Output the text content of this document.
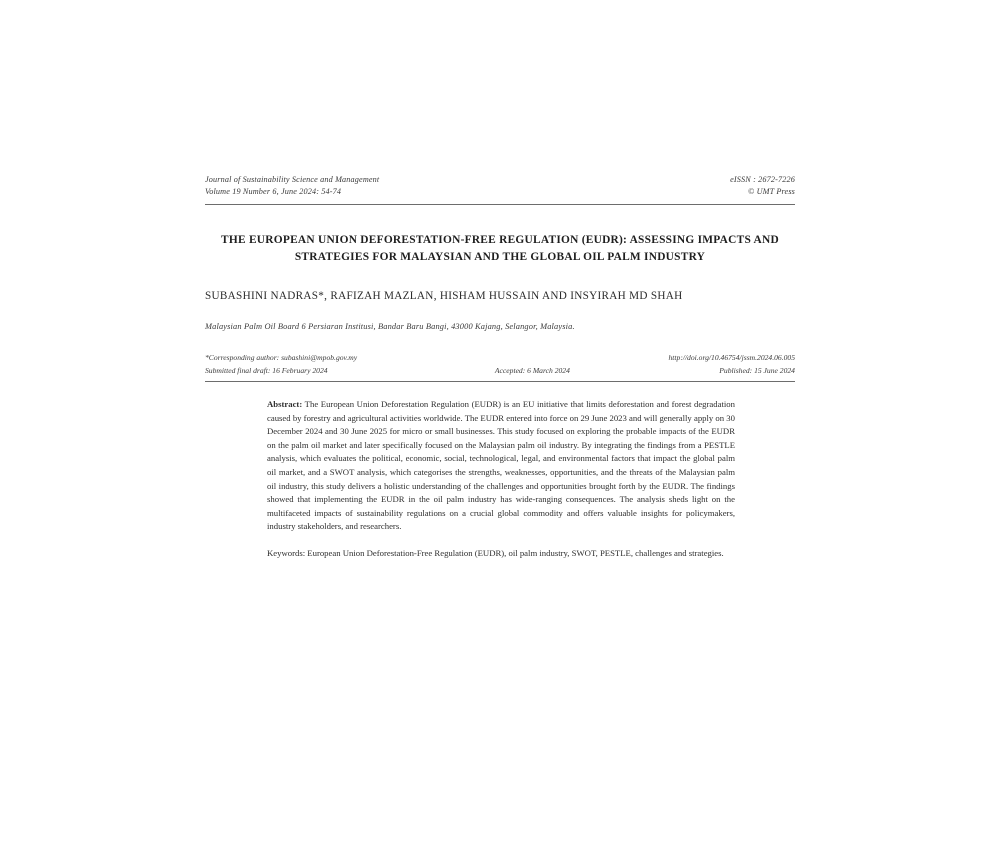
Journal of Sustainability Science and Management	eISSN : 2672-7226
Volume 19 Number 6, June 2024: 54-74	© UMT Press
THE EUROPEAN UNION DEFORESTATION-FREE REGULATION (EUDR): ASSESSING IMPACTS AND STRATEGIES FOR MALAYSIAN AND THE GLOBAL OIL PALM INDUSTRY
SUBASHINI NADRAS*, RAFIZAH MAZLAN, HISHAM HUSSAIN AND INSYIRAH MD SHAH
Malaysian Palm Oil Board 6 Persiaran Institusi, Bandar Baru Bangi, 43000 Kajang, Selangor, Malaysia.
*Corresponding author: subashini@mpob.gov.my	http://doi.org/10.46754/jssm.2024.06.005
Submitted final draft: 16 February 2024	Accepted: 6 March 2024	Published: 15 June 2024
Abstract: The European Union Deforestation Regulation (EUDR) is an EU initiative that limits deforestation and forest degradation caused by forestry and agricultural activities worldwide. The EUDR entered into force on 29 June 2023 and will generally apply on 30 December 2024 and 30 June 2025 for micro or small businesses. This study focused on exploring the probable impacts of the EUDR on the palm oil market and later specifically focused on the Malaysian palm oil industry. By integrating the findings from a PESTLE analysis, which evaluates the political, economic, social, technological, legal, and environmental factors that impact the global palm oil market, and a SWOT analysis, which categorises the strengths, weaknesses, opportunities, and the threats of the Malaysian palm oil industry, this study delivers a holistic understanding of the challenges and opportunities brought forth by the EUDR. The findings showed that implementing the EUDR in the oil palm industry has wide-ranging consequences. The analysis sheds light on the multifaceted impacts of sustainability regulations on a crucial global commodity and offers valuable insights for policymakers, industry stakeholders, and researchers.
Keywords: European Union Deforestation-Free Regulation (EUDR), oil palm industry, SWOT, PESTLE, challenges and strategies.
